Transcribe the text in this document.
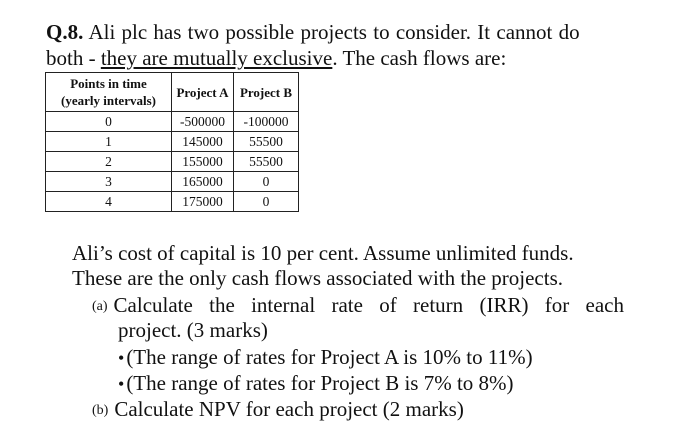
Q.8. Ali plc has two possible projects to consider. It cannot do
both - they are mutually exclusive. The cash flows are:
Points in time (yearly intervals)	Project A	Project B
0	-500000	-100000
1	145000	55500
2	155000	55500
3	165000	0
4	175000	0
Ali’s cost of capital is 10 per cent. Assume unlimited funds.
These are the only cash flows associated with the projects.
(a) Calculate the internal rate of return (IRR) for each
project. (3 marks)
•(The range of rates for Project A is 10% to 11%)
•(The range of rates for Project B is 7% to 8%)
(b) Calculate NPV for each project (2 marks)
